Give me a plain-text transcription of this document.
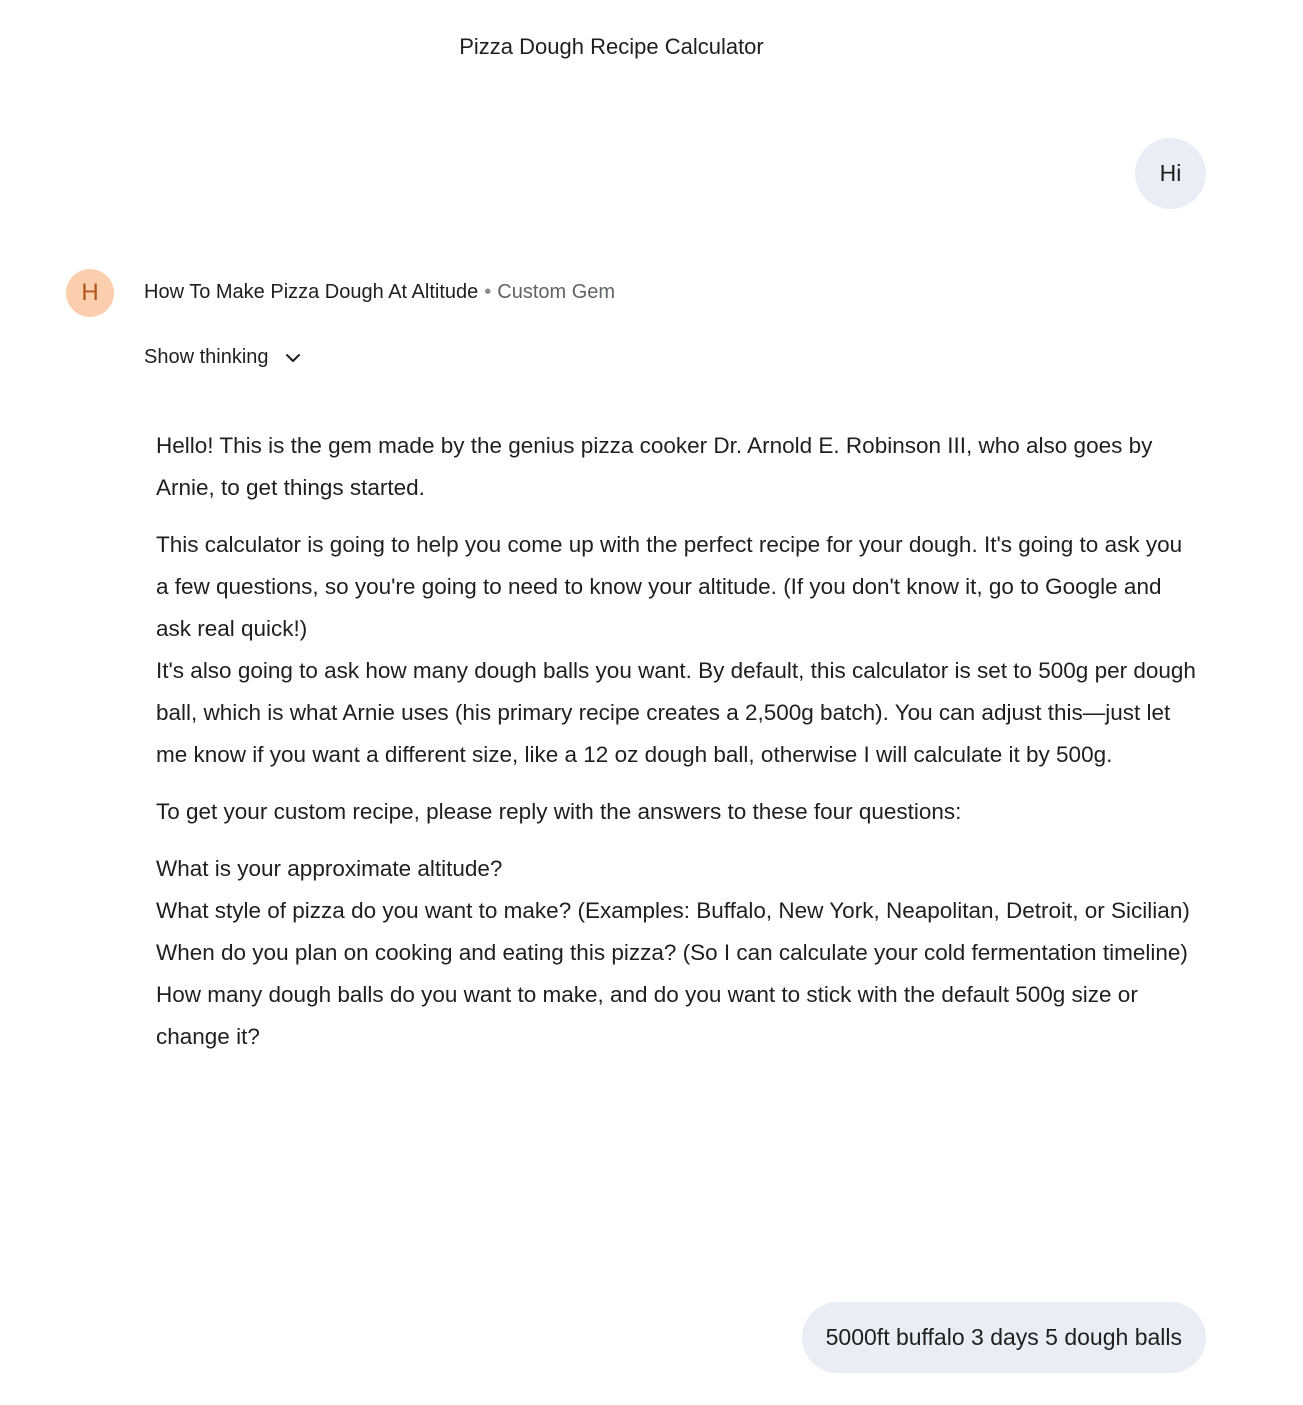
Pizza Dough Recipe Calculator
Hi
H How To Make Pizza Dough At Altitude • Custom Gem
Show thinking

Hello! This is the gem made by the genius pizza cooker Dr. Arnold E. Robinson III, who also goes by Arnie, to get things started.

This calculator is going to help you come up with the perfect recipe for your dough. It's going to ask you a few questions, so you're going to need to know your altitude. (If you don't know it, go to Google and ask real quick!)

It's also going to ask how many dough balls you want. By default, this calculator is set to 500g per dough ball, which is what Arnie uses (his primary recipe creates a 2,500g batch). You can adjust this—just let me know if you want a different size, like a 12 oz dough ball, otherwise I will calculate it by 500g.

To get your custom recipe, please reply with the answers to these four questions:

What is your approximate altitude?

What style of pizza do you want to make? (Examples: Buffalo, New York, Neapolitan, Detroit, or Sicilian)

When do you plan on cooking and eating this pizza? (So I can calculate your cold fermentation timeline)

How many dough balls do you want to make, and do you want to stick with the default 500g size or change it?

5000ft buffalo 3 days 5 dough balls
